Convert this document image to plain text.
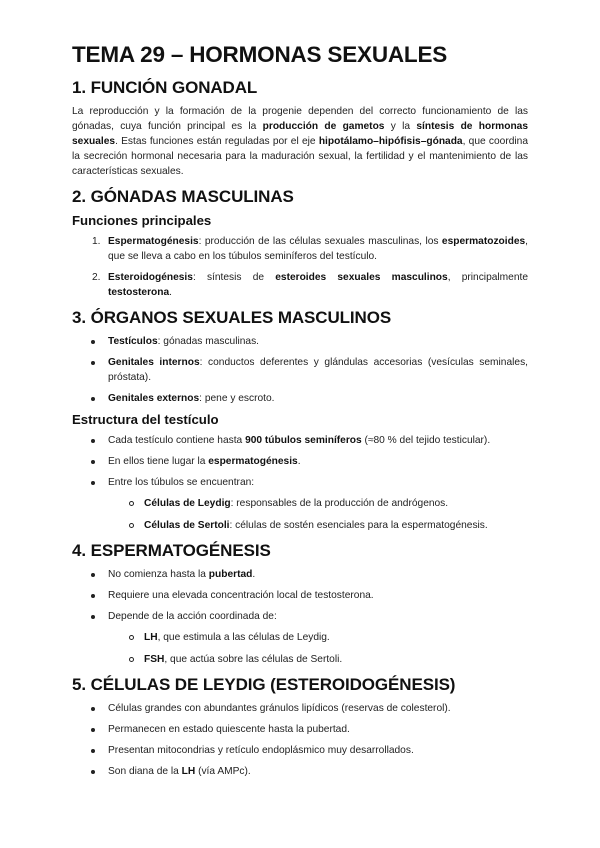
TEMA 29 – HORMONAS SEXUALES
1. FUNCIÓN GONADAL

La reproducción y la formación de la progenie dependen del correcto funcionamiento de las gónadas, cuya función principal es la producción de gametos y la síntesis de hormonas sexuales. Estas funciones están reguladas por el eje hipotálamo–hipófisis–gónada, que coordina la secreción hormonal necesaria para la maduración sexual, la fertilidad y el mantenimiento de las características sexuales.

2. GÓNADAS MASCULINAS
Funciones principales
1. Espermatogénesis: producción de las células sexuales masculinas, los espermatozoides, que se lleva a cabo en los túbulos seminíferos del testículo.
2. Esteroidogénesis: síntesis de esteroides sexuales masculinos, principalmente testosterona.
3. ÓRGANOS SEXUALES MASCULINOS
Testículos: gónadas masculinas.
Genitales internos: conductos deferentes y glándulas accesorias (vesículas seminales, próstata).
Genitales externos: pene y escroto.
Estructura del testículo
Cada testículo contiene hasta 900 túbulos seminíferos (≈80 % del tejido testicular).
En ellos tiene lugar la espermatogénesis.
Entre los túbulos se encuentran:
Células de Leydig: responsables de la producción de andrógenos.
Células de Sertoli: células de sostén esenciales para la espermatogénesis.
4. ESPERMATOGÉNESIS
No comienza hasta la pubertad.
Requiere una elevada concentración local de testosterona.
Depende de la acción coordinada de:
LH, que estimula a las células de Leydig.
FSH, que actúa sobre las células de Sertoli.
5. CÉLULAS DE LEYDIG (ESTEROIDOGÉNESIS)
Células grandes con abundantes gránulos lipídicos (reservas de colesterol).
Permanecen en estado quiescente hasta la pubertad.
Presentan mitocondrias y retículo endoplásmico muy desarrollados.
Son diana de la LH (vía AMPc).
